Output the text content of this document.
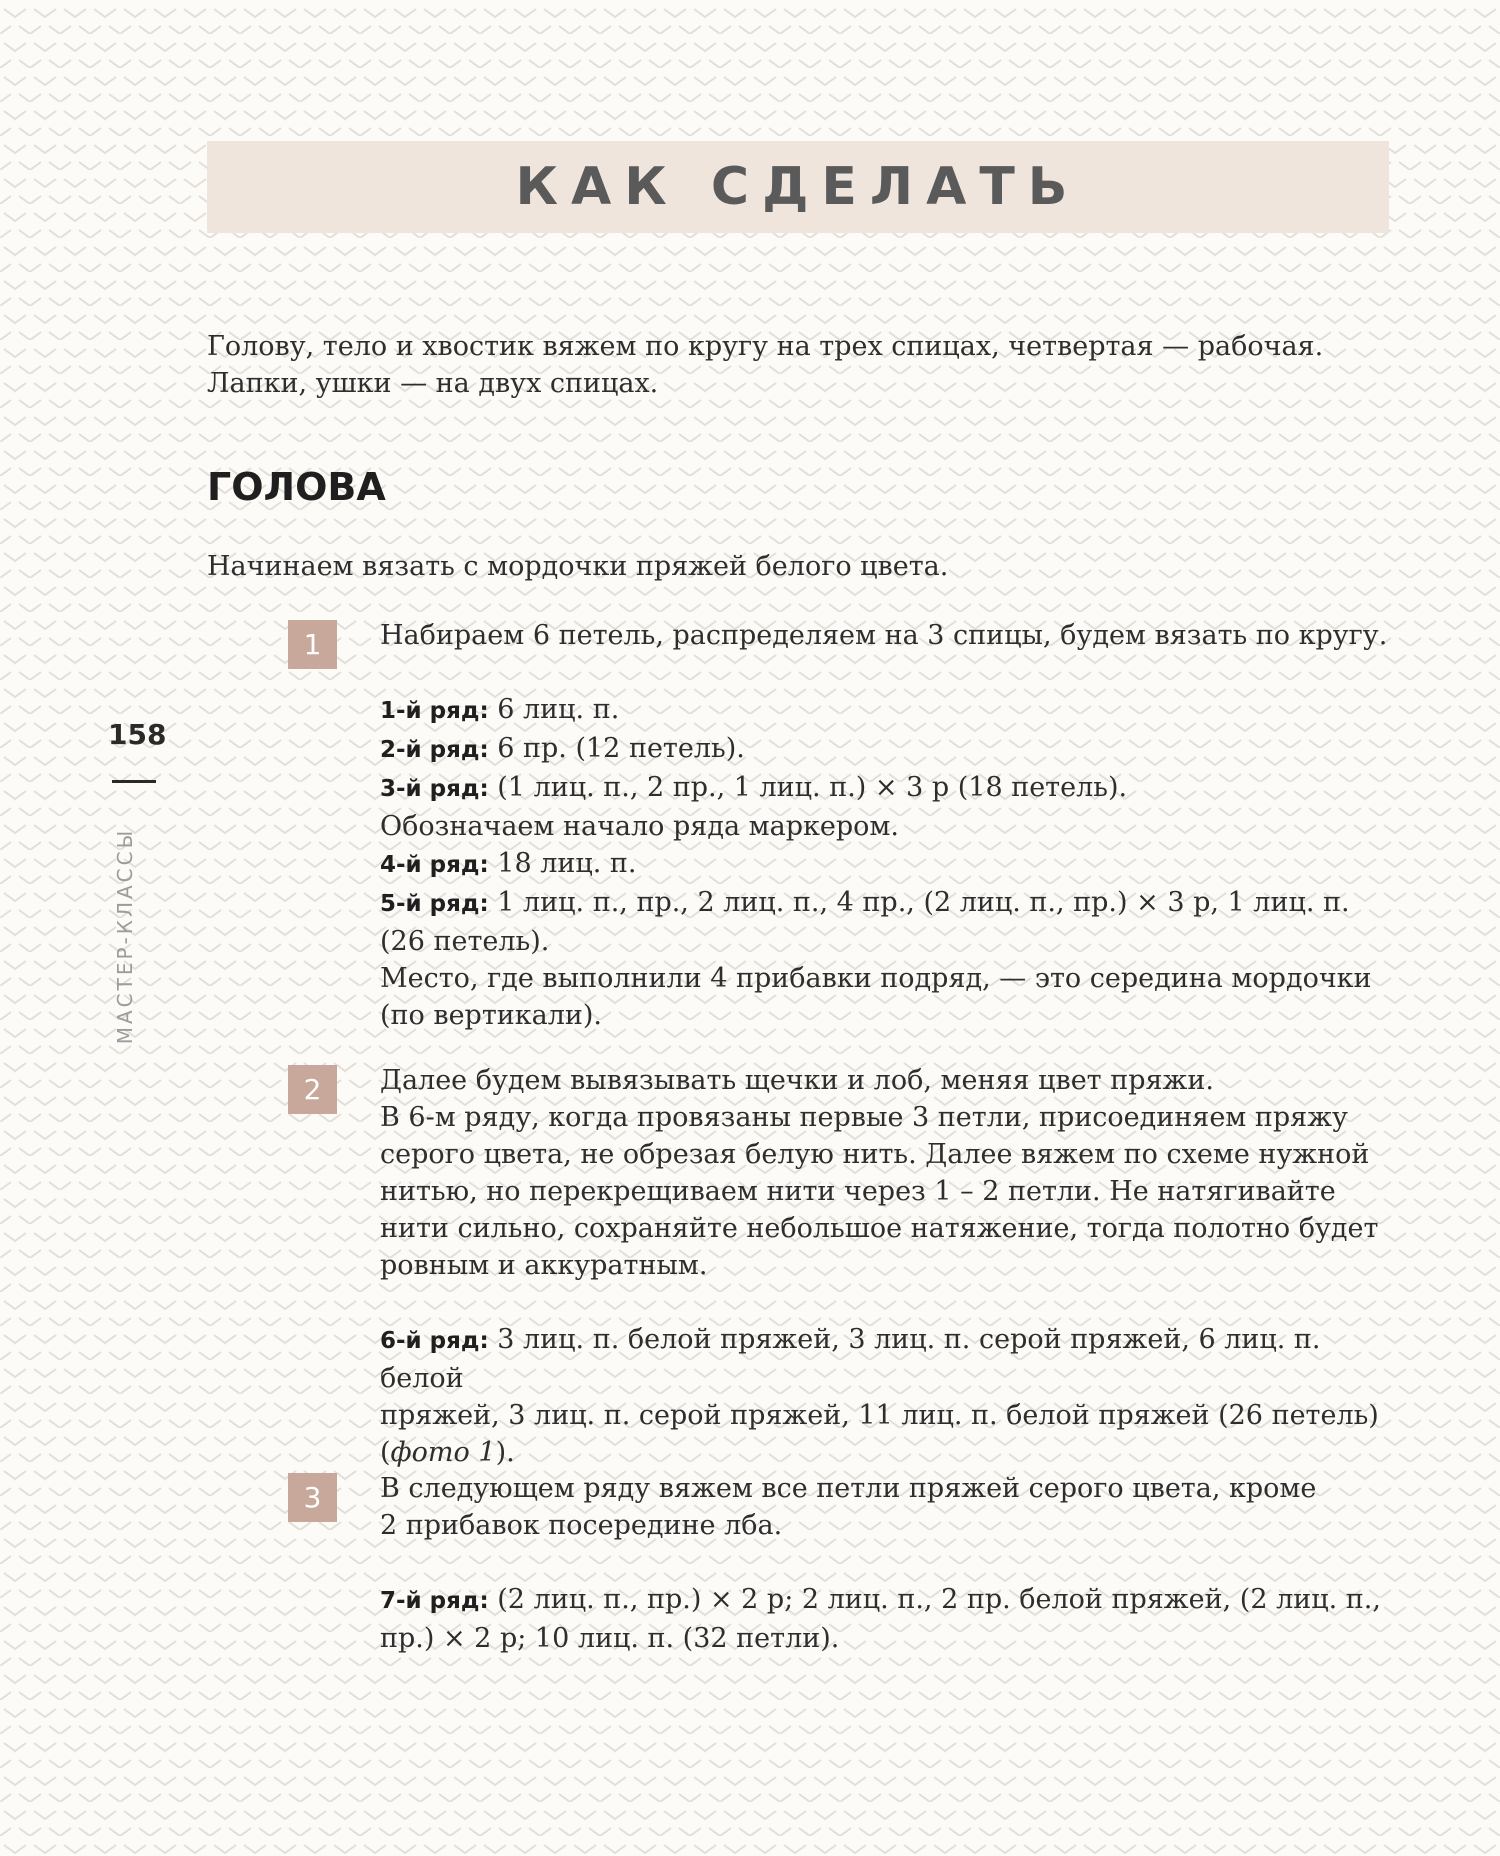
КАК СДЕЛАТЬ

Голову, тело и хвостик вяжем по кругу на трех спицах, четвертая — рабочая.
Лапки, ушки — на двух спицах.

ГОЛОВА

Начинаем вязать с мордочки пряжей белого цвета.

1	Набираем 6 петель, распределяем на 3 спицы, будем вязать по кругу.

1-й ряд: 6 лиц. п.
2-й ряд: 6 пр. (12 петель).
3-й ряд: (1 лиц. п., 2 пр., 1 лиц. п.) × 3 р (18 петель).
Обозначаем начало ряда маркером.
4-й ряд: 18 лиц. п.
5-й ряд: 1 лиц. п., пр., 2 лиц. п., 4 пр., (2 лиц. п., пр.) × 3 р, 1 лиц. п.
(26 петель).
Место, где выполнили 4 прибавки подряд, — это середина мордочки
(по вертикали).

2	Далее будем вывязывать щечки и лоб, меняя цвет пряжи.
В 6-м ряду, когда провязаны первые 3 петли, присоединяем пряжу
серого цвета, не обрезая белую нить. Далее вяжем по схеме нужной
нитью, но перекрещиваем нити через 1 – 2 петли. Не натягивайте
нити сильно, сохраняйте небольшое натяжение, тогда полотно будет
ровным и аккуратным.

6-й ряд: 3 лиц. п. белой пряжей, 3 лиц. п. серой пряжей, 6 лиц. п. белой
пряжей, 3 лиц. п. серой пряжей, 11 лиц. п. белой пряжей (26 петель)
(фото 1).

3	В следующем ряду вяжем все петли пряжей серого цвета, кроме
2 прибавок посередине лба.

7-й ряд: (2 лиц. п., пр.) × 2 р; 2 лиц. п., 2 пр. белой пряжей, (2 лиц. п.,
пр.) × 2 р; 10 лиц. п. (32 петли).

158
МАСТЕР-КЛАССЫ
